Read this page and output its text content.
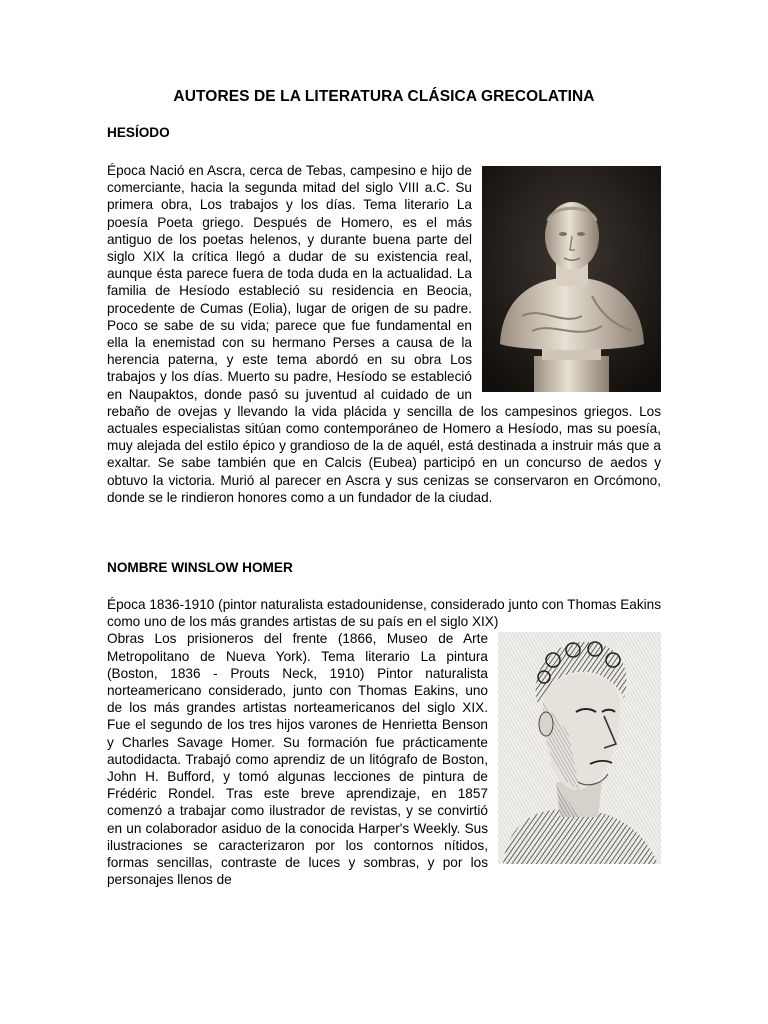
AUTORES DE LA LITERATURA CLÁSICA GRECOLATINA
HESÍODO

Época Nació en Ascra, cerca de Tebas, campesino e hijo de comerciante, hacia la segunda mitad del siglo VIII a.C. Su primera obra, Los trabajos y los días. Tema literario La poesía Poeta griego. Después de Homero, es el más antiguo de los poetas helenos, y durante buena parte del siglo XIX la crítica llegó a dudar de su existencia real, aunque ésta parece fuera de toda duda en la actualidad. La familia de Hesíodo estableció su residencia en Beocia, procedente de Cumas (Eolia), lugar de origen de su padre. Poco se sabe de su vida; parece que fue fundamental en ella la enemistad con su hermano Perses a causa de la herencia paterna, y este tema abordó en su obra Los trabajos y los días. Muerto su padre, Hesíodo se estableció en Naupaktos, donde pasó su juventud al cuidado de un rebaño de ovejas y llevando la vida plácida y sencilla de los campesinos griegos. Los actuales especialistas sitúan como contemporáneo de Homero a Hesíodo, mas su poesía, muy alejada del estilo épico y grandioso de la de aquél, está destinada a instruir más que a exaltar. Se sabe también que en Calcis (Eubea) participó en un concurso de aedos y obtuvo la victoria. Murió al parecer en Ascra y sus cenizas se conservaron en Orcómono, donde se le rindieron honores como a un fundador de la ciudad.

NOMBRE WINSLOW HOMER

Época 1836-1910 (pintor naturalista estadounidense, considerado junto con Thomas Eakins como uno de los más grandes artistas de su país en el siglo XIX)

Obras Los prisioneros del frente (1866, Museo de Arte Metropolitano de Nueva York). Tema literario La pintura (Boston, 1836 - Prouts Neck, 1910) Pintor naturalista norteamericano considerado, junto con Thomas Eakins, uno de los más grandes artistas norteamericanos del siglo XIX. Fue el segundo de los tres hijos varones de Henrietta Benson y Charles Savage Homer. Su formación fue prácticamente autodidacta. Trabajó como aprendiz de un litógrafo de Boston, John H. Bufford, y tomó algunas lecciones de pintura de Frédéric Rondel. Tras este breve aprendizaje, en 1857 comenzó a trabajar como ilustrador de revistas, y se convirtió en un colaborador asiduo de la conocida Harper's Weekly. Sus ilustraciones se caracterizaron por los contornos nítidos, formas sencillas, contraste de luces y sombras, y por los personajes llenos de
